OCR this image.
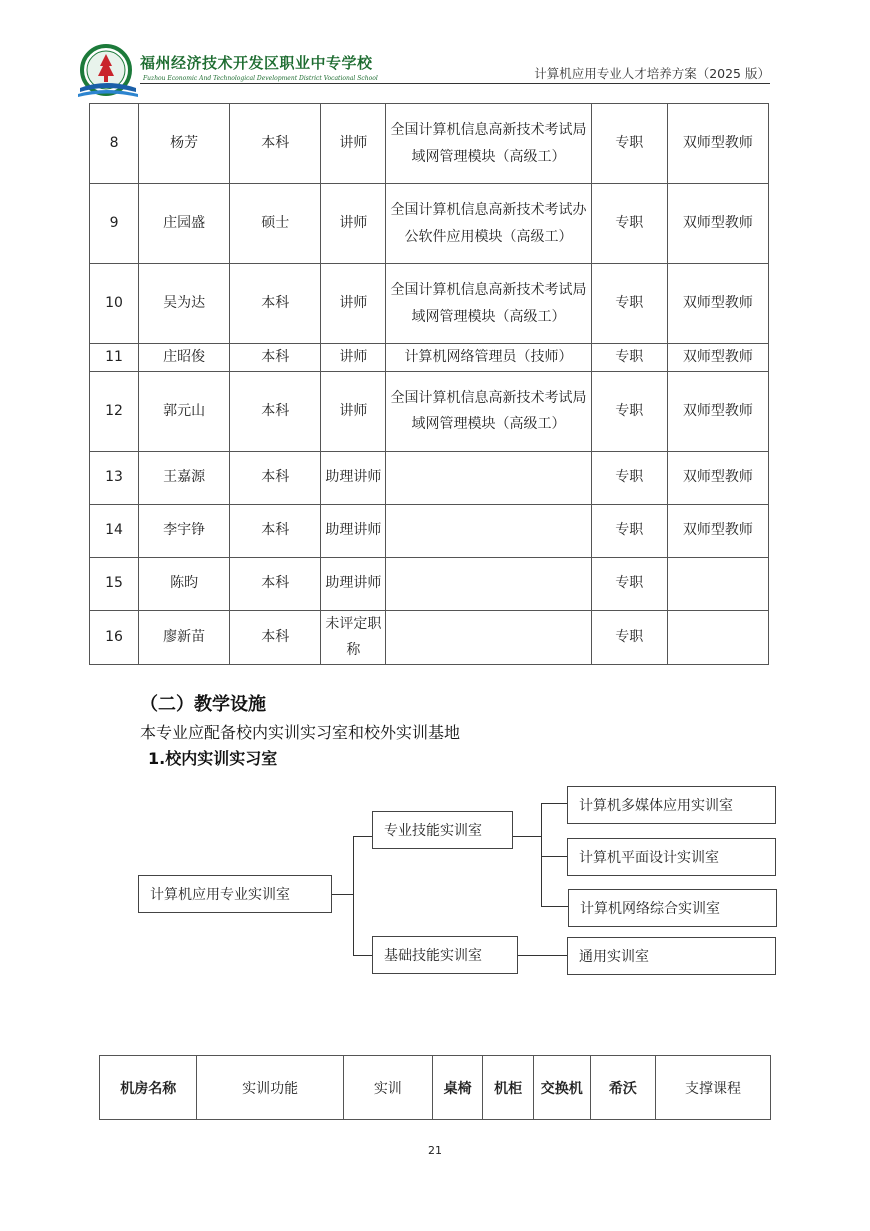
福州经济技术开发区职业中专学校
Fuzhou Economic And Technological Development District Vocational School	计算机应用专业人才培养方案（2025 版）
8	杨芳	本科	讲师	全国计算机信息高新技术考试局域网管理模块（高级工）	专职	双师型教师
9	庄园盛	硕士	讲师	全国计算机信息高新技术考试办公软件应用模块（高级工）	专职	双师型教师
10	吴为达	本科	讲师	全国计算机信息高新技术考试局域网管理模块（高级工）	专职	双师型教师
11	庄昭俊	本科	讲师	计算机网络管理员（技师）	专职	双师型教师
12	郭元山	本科	讲师	全国计算机信息高新技术考试局域网管理模块（高级工）	专职	双师型教师
13	王嘉源	本科	助理讲师		专职	双师型教师
14	李宇铮	本科	助理讲师		专职	双师型教师
15	陈昀	本科	助理讲师		专职	
16	廖新苗	本科	未评定职称		专职	
（二）教学设施
本专业应配备校内实训实习室和校外实训基地
1.校内实训实习室
计算机应用专业实训室
专业技能实训室
基础技能实训室
计算机多媒体应用实训室
计算机平面设计实训室
计算机网络综合实训室
通用实训室
机房名称	实训功能	实训	桌椅	机柜	交换机	希沃	支撑课程
21
